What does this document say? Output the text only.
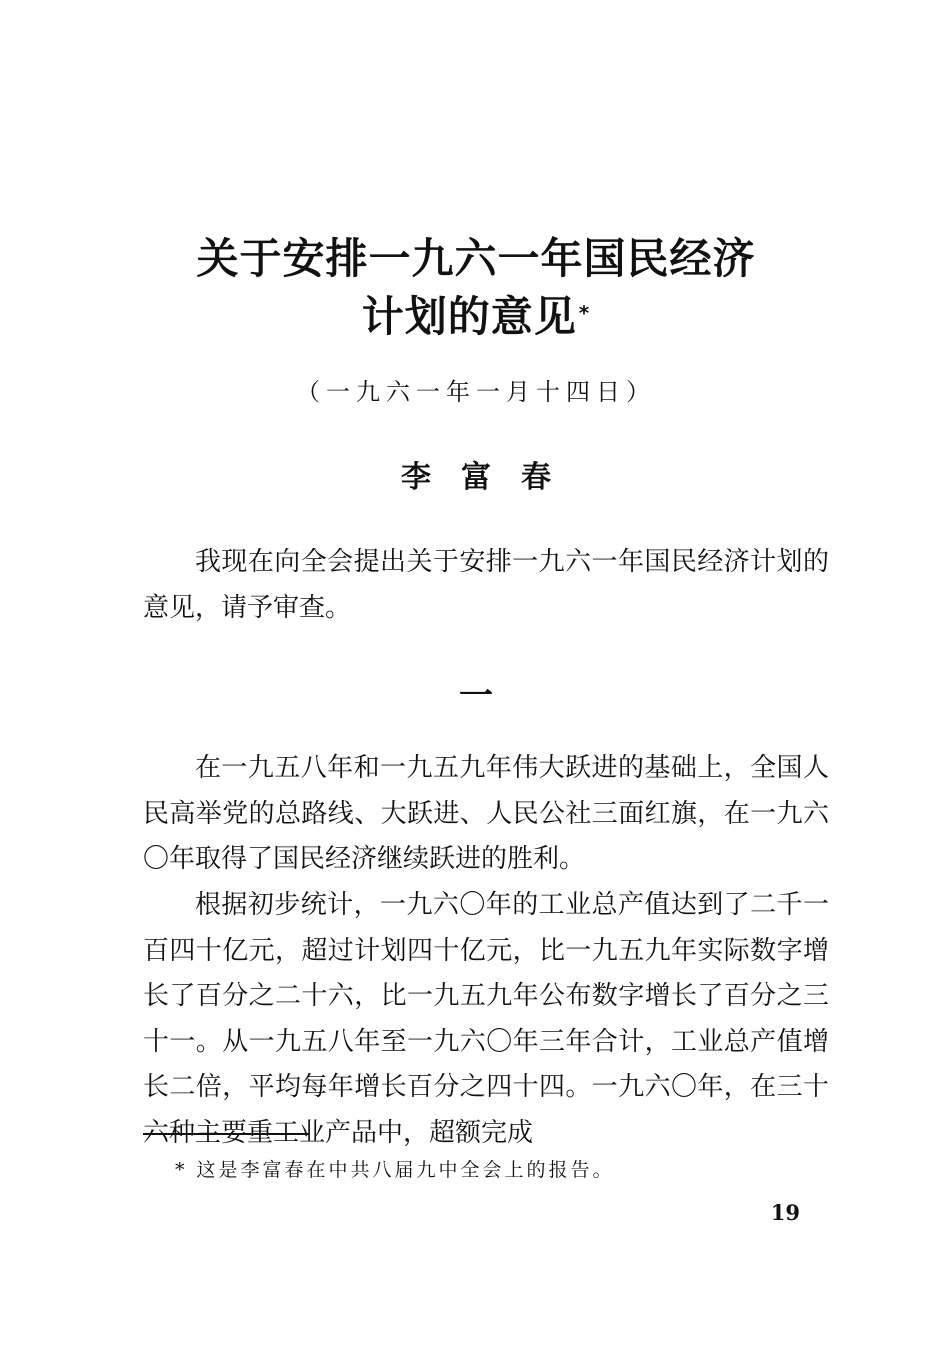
关于安排一九六一年国民经济
计划的意见 *
（一九六一年一月十四日）
李富春
我现在向全会提出关于安排一九六一年国民经济计划的意见，请予审查。
一
在一九五八年和一九五九年伟大跃进的基础上，全国人民高举党的总路线、大跃进、人民公社三面红旗，在一九六〇年取得了国民经济继续跃进的胜利。
根据初步统计，一九六〇年的工业总产值达到了二千一百四十亿元，超过计划四十亿元，比一九五九年实际数字增长了百分之二十六，比一九五九年公布数字增长了百分之三十一。从一九五八年至一九六〇年三年合计，工业总产值增长二倍，平均每年增长百分之四十四。一九六〇年，在三十六种主要重工业产品中，超额完成
* 这是李富春在中共八届九中全会上的报告。
19
